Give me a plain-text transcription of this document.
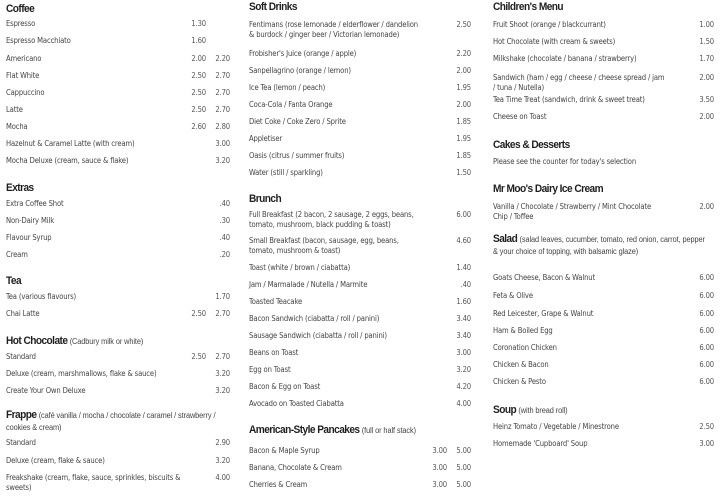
Coffee
Espresso	1.30
Espresso Macchiato	1.60
Americano	2.00	2.20
Flat White	2.50	2.70
Cappuccino	2.50	2.70
Latte	2.50	2.70
Mocha	2.60	2.80
Hazelnut & Caramel Latte (with cream)	3.00
Mocha Deluxe (cream, sauce & flake)	3.20
Extras
Extra Coffee Shot	.40
Non-Dairy Milk	.30
Flavour Syrup	.40
Cream	.20
Tea
Tea (various flavours)	1.70
Chai Latte	2.50	2.70
Hot Chocolate (Cadbury milk or white)
Standard	2.50	2.70
Deluxe (cream, marshmallows, flake & sauce)	3.20
Create Your Own Deluxe	3.20
Frappe (café vanilla / mocha / chocolate / caramel / strawberry / cookies & cream)
Standard	2.90
Deluxe (cream, flake & sauce)	3.20
Freakshake (cream, flake, sauce, sprinkles, biscuits & sweets)
4.00
Soft Drinks
Fentimans (rose lemonade / elderflower / dandelion & burdock / ginger beer / Victorian lemonade)
2.50
Frobisher's Juice (orange / apple)	2.20
Sanpellagrino (orange / lemon)	2.00
Ice Tea (lemon / peach)	1.95
Coca-Cola / Fanta Orange	2.00
Diet Coke / Coke Zero / Sprite	1.85
Appletiser	1.95
Oasis (citrus / summer fruits)	1.85
Water (still / sparkling)	1.50
Brunch
Full Breakfast (2 bacon, 2 sausage, 2 eggs, beans, tomato, mushroom, black pudding & toast)
6.00
Small Breakfast (bacon, sausage, egg, beans, tomato, mushroom & toast)
4.60
Toast (white / brown / ciabatta)	1.40
Jam / Marmalade / Nutella / Marmite	.40
Toasted Teacake	1.60
Bacon Sandwich (ciabatta / roll / panini)	3.40
Sausage Sandwich (ciabatta / roll / panini)	3.40
Beans on Toast	3.00
Egg on Toast	3.20
Bacon & Egg on Toast	4.20
Avocado on Toasted Ciabatta	4.00
American-Style Pancakes (full or half stack)
Bacon & Maple Syrup	3.00	5.00
Banana, Chocolate & Cream	3.00	5.00
Cherries & Cream	3.00	5.00
Children's Menu
Fruit Shoot (orange / blackcurrant)	1.00
Hot Chocolate (with cream & sweets)	1.50
Milkshake (chocolate / banana / strawberry)	1.70
Sandwich (ham / egg / cheese / cheese spread / jam / tuna / Nutella)
2.00
Tea Time Treat (sandwich, drink & sweet treat)	3.50
Cheese on Toast	2.00
Cakes & Desserts
Please see the counter for today's selection
Mr Moo's Dairy Ice Cream
Vanilla / Chocolate / Strawberry / Mint Chocolate Chip / Toffee
2.00
Salad (salad leaves, cucumber, tomato, red onion, carrot, pepper & your choice of topping, with balsamic glaze)
Goats Cheese, Bacon & Walnut	6.00
Feta & Olive	6.00
Red Leicester, Grape & Walnut	6.00
Ham & Boiled Egg	6.00
Coronation Chicken	6.00
Chicken & Bacon	6.00
Chicken & Pesto	6.00
Soup (with bread roll)
Heinz Tomato / Vegetable / Minestrone	2.50
Homemade 'Cupboard' Soup	3.00
